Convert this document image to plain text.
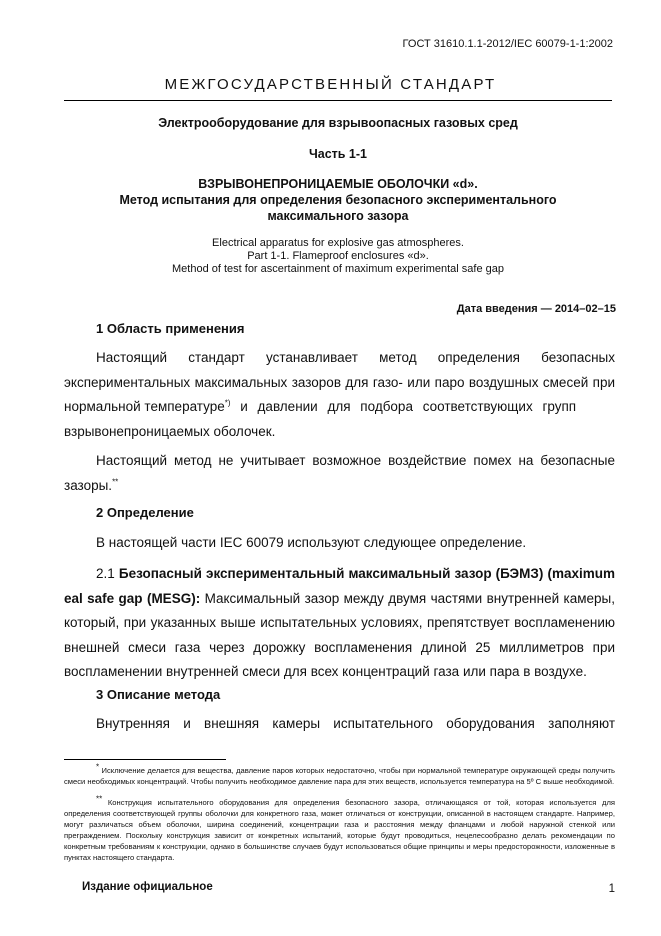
ГОСТ 31610.1.1-2012/IEC 60079-1-1:2002
МЕЖГОСУДАРСТВЕННЫЙ СТАНДАРТ
Электрооборудование для взрывоопасных газовых сред
Часть 1-1
ВЗРЫВОНЕПРОНИЦАЕМЫЕ ОБОЛОЧКИ «d».
Метод испытания для определения безопасного экспериментального
максимального зазора
Electrical apparatus for explosive gas atmospheres.
Part 1-1. Flameproof enclosures «d».
Method of test for ascertainment of maximum experimental safe gap
Дата введения — 2014–02–15
1 Область применения
Настоящий стандарт устанавливает метод определения безопасных
экспериментальных максимальных зазоров для газо- или паро воздушных смесей при
нормальной температуре*) и давлении для подбора соответствующих групп
взрывонепроницаемых оболочек.
Настоящий метод не учитывает возможное воздействие помех на безопасные
зазоры.**
2 Определение
В настоящей части IEC 60079 используют следующее определение.
2.1 Безопасный экспериментальный максимальный зазор (БЭМЗ) (maximum
eal safe gap (MESG): Максимальный зазор между двумя частями внутренней камеры,
который, при указанных выше испытательных условиях, препятствует воспламенению
внешней смеси газа через дорожку воспламенения длиной 25 миллиметров при
воспламенении внутренней смеси для всех концентраций газа или пара в воздухе.
3 Описание метода
Внутренняя и внешняя камеры испытательного оборудования заполняют
* Исключение делается для вещества, давление паров которых недостаточно, чтобы при нормальной температуре окружающей среды получить смеси необходимых концентраций. Чтобы получить необходимое давление пара для этих веществ, используется температура на 5º С выше необходимой.
** Конструкция испытательного оборудования для определения безопасного зазора, отличающаяся от той, которая используется для определения соответствующей группы оболочки для конкретного газа, может отличаться от конструкции, описанной в настоящем стандарте. Например, могут различаться объем оболочки, ширина соединений, концентрации газа и расстояния между фланцами и любой наружной стенкой или преграждением. Поскольку конструкция зависит от конкретных испытаний, которые будут проводиться, нецелесообразно делать рекомендации по конкретным требованиям к конструкции, однако в большинстве случаев будут использоваться общие принципы и меры предосторожности, изложенные в пунктах настоящего стандарта.
Издание официальное	1
